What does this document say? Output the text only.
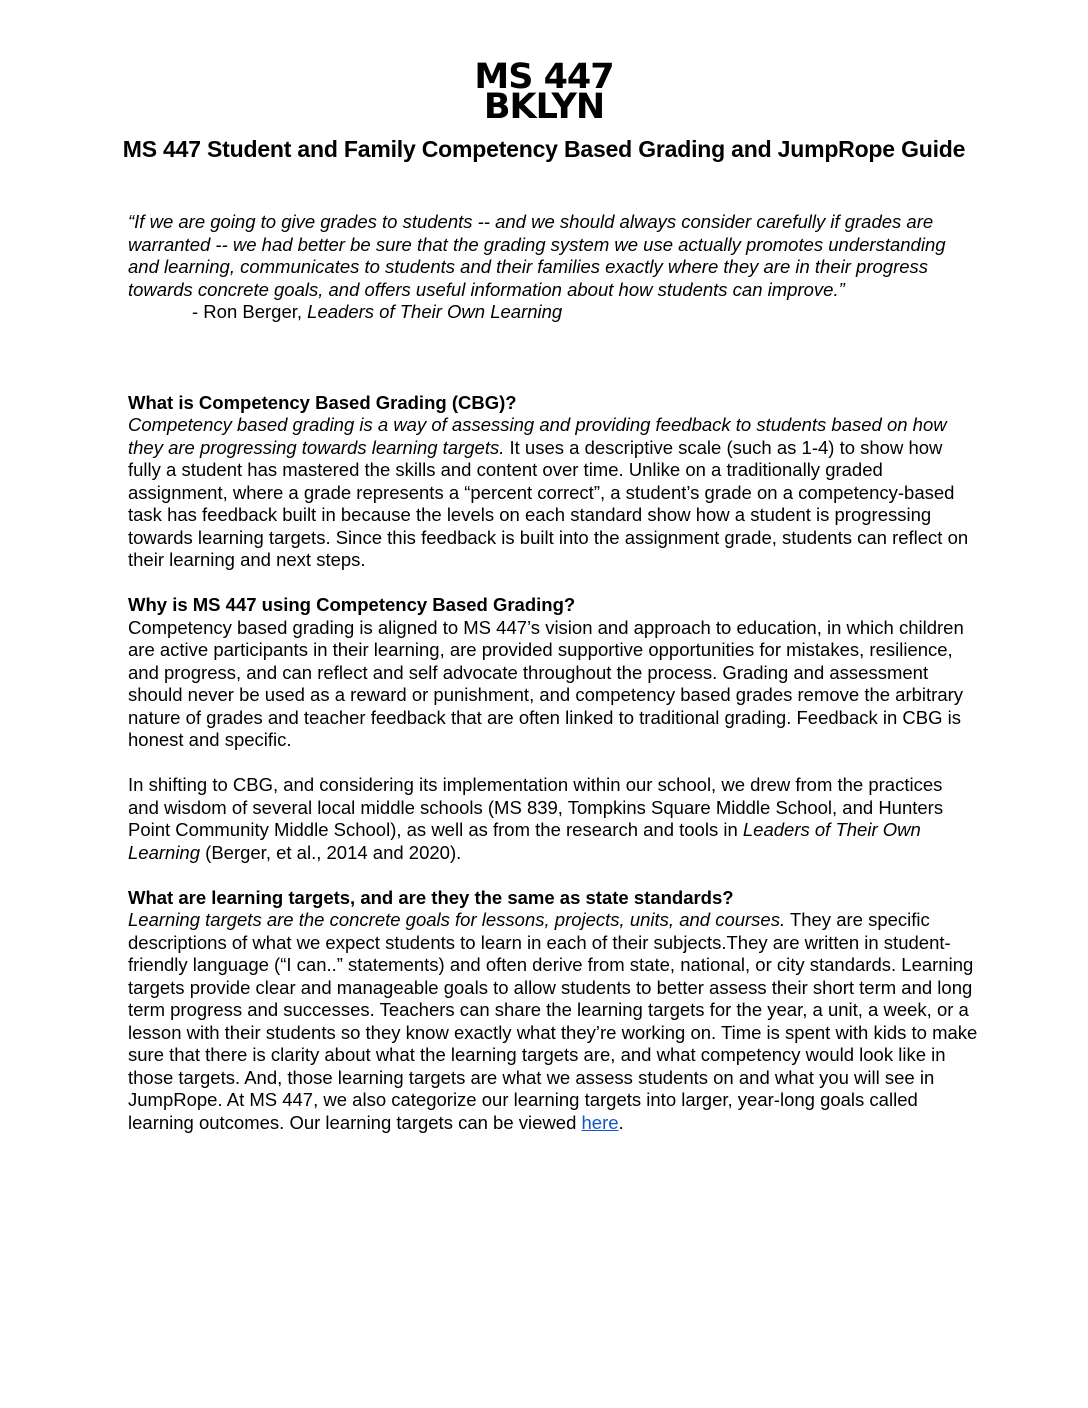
MS 447
BKLYN
MS 447 Student and Family Competency Based Grading and JumpRope Guide

“If we are going to give grades to students -- and we should always consider carefully if grades are warranted -- we had better be sure that the grading system we use actually promotes understanding and learning, communicates to students and their families exactly where they are in their progress towards concrete goals, and offers useful information about how students can improve.”

- Ron Berger, Leaders of Their Own Learning

What is Competency Based Grading (CBG)?

Competency based grading is a way of assessing and providing feedback to students based on how they are progressing towards learning targets. It uses a descriptive scale (such as 1-4) to show how fully a student has mastered the skills and content over time. Unlike on a traditionally graded assignment, where a grade represents a “percent correct”, a student’s grade on a competency-based task has feedback built in because the levels on each standard show how a student is progressing towards learning targets. Since this feedback is built into the assignment grade, students can reflect on their learning and next steps.

Why is MS 447 using Competency Based Grading?

Competency based grading is aligned to MS 447’s vision and approach to education, in which children are active participants in their learning, are provided supportive opportunities for mistakes, resilience, and progress, and can reflect and self advocate throughout the process. Grading and assessment should never be used as a reward or punishment, and competency based grades remove the arbitrary nature of grades and teacher feedback that are often linked to traditional grading. Feedback in CBG is honest and specific.

In shifting to CBG, and considering its implementation within our school, we drew from the practices and wisdom of several local middle schools (MS 839, Tompkins Square Middle School, and Hunters Point Community Middle School), as well as from the research and tools in Leaders of Their Own Learning (Berger, et al., 2014 and 2020).

What are learning targets, and are they the same as state standards?

Learning targets are the concrete goals for lessons, projects, units, and courses. They are specific descriptions of what we expect students to learn in each of their subjects.They are written in student-friendly language (“I can..” statements) and often derive from state, national, or city standards. Learning targets provide clear and manageable goals to allow students to better assess their short term and long term progress and successes. Teachers can share the learning targets for the year, a unit, a week, or a lesson with their students so they know exactly what they’re working on. Time is spent with kids to make sure that there is clarity about what the learning targets are, and what competency would look like in those targets. And, those learning targets are what we assess students on and what you will see in JumpRope. At MS 447, we also categorize our learning targets into larger, year-long goals called learning outcomes. Our learning targets can be viewed here.
